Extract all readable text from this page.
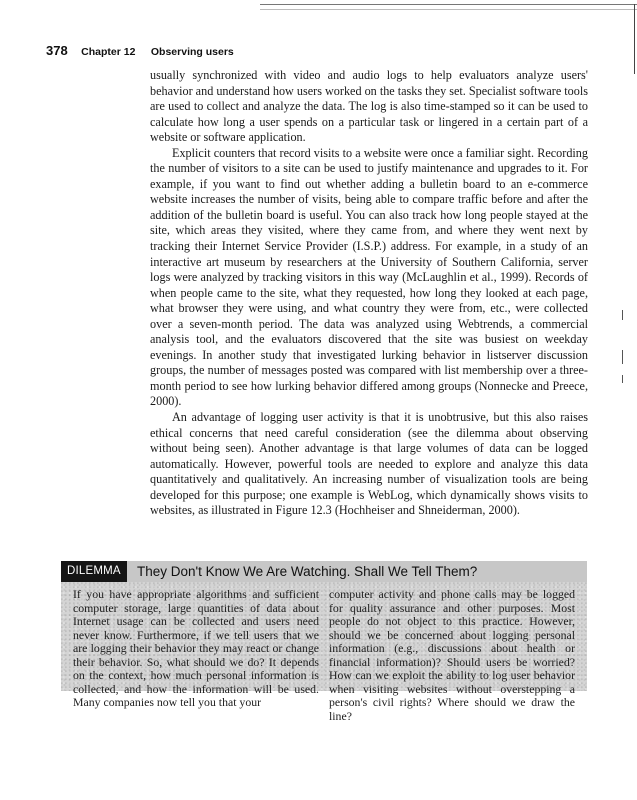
378 Chapter 12 Observing users

usually synchronized with video and audio logs to help evaluators analyze users' behavior and understand how users worked on the tasks they set. Specialist software tools are used to collect and analyze the data. The log is also time-stamped so it can be used to calculate how long a user spends on a particular task or lingered in a certain part of a website or software application.

Explicit counters that record visits to a website were once a familiar sight. Recording the number of visitors to a site can be used to justify maintenance and upgrades to it. For example, if you want to find out whether adding a bulletin board to an e-commerce website increases the number of visits, being able to compare traffic before and after the addition of the bulletin board is useful. You can also track how long people stayed at the site, which areas they visited, where they came from, and where they went next by tracking their Internet Service Provider (I.S.P.) address. For example, in a study of an interactive art museum by researchers at the University of Southern California, server logs were analyzed by tracking visitors in this way (McLaughlin et al., 1999). Records of when people came to the site, what they requested, how long they looked at each page, what browser they were using, and what country they were from, etc., were collected over a seven-month period. The data was analyzed using Webtrends, a commercial analysis tool, and the evaluators discovered that the site was busiest on weekday evenings. In another study that investigated lurking behavior in listserver discussion groups, the number of messages posted was compared with list membership over a three-month period to see how lurking behavior differed among groups (Nonnecke and Preece, 2000).

An advantage of logging user activity is that it is unobtrusive, but this also raises ethical concerns that need careful consideration (see the dilemma about observing without being seen). Another advantage is that large volumes of data can be logged automatically. However, powerful tools are needed to explore and analyze this data quantitatively and qualitatively. An increasing number of visualization tools are being developed for this purpose; one example is WebLog, which dynamically shows visits to websites, as illustrated in Figure 12.3 (Hochheiser and Shneiderman, 2000).

DILEMMA	They Don't Know We Are Watching. Shall We Tell Them?
If you have appropriate algorithms and sufficient computer storage, large quantities of data about Internet usage can be collected and users need never know. Furthermore, if we tell users that we are logging their behavior they may react or change their behavior. So, what should we do? It depends on the context, how much personal information is collected, and how the information will be used. Many companies now tell you that your
computer activity and phone calls may be logged for quality assurance and other purposes. Most people do not object to this practice. However, should we be concerned about logging personal information (e.g., discussions about health or financial information)? Should users be worried? How can we exploit the ability to log user behavior when visiting websites without overstepping a person's civil rights? Where should we draw the line?
